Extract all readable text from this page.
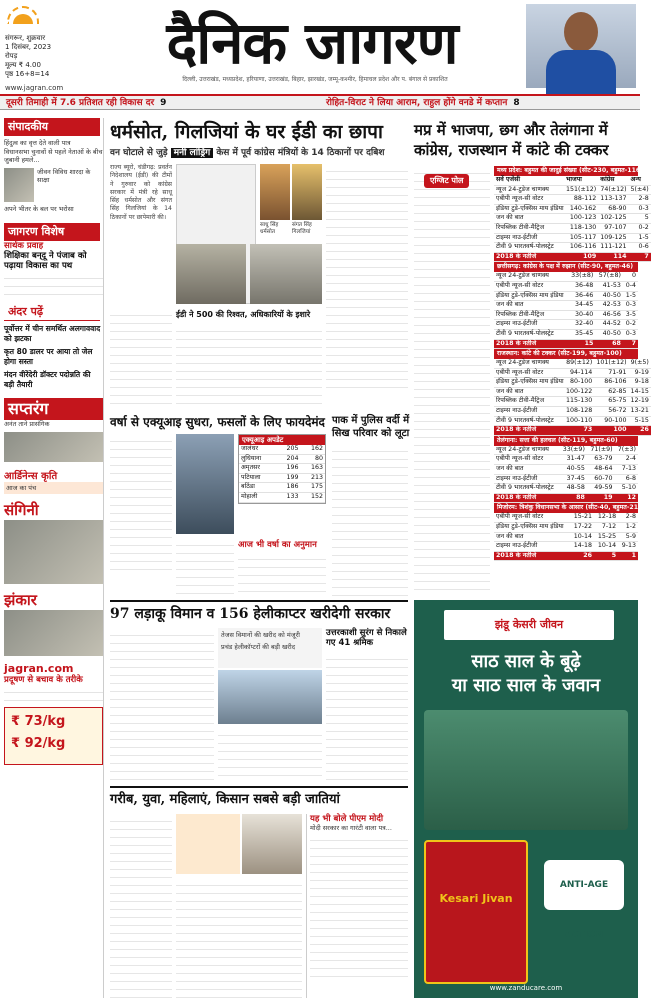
संगरूर, शुक्रवार
1 दिसंबर, 2023
रोपड़
मूल्य ₹ 4.00
पृष्ठ 16+8=14	दैनिक जागरण
दिल्ली, उत्तराखंड, मध्यप्रदेश, हरियाणा, उत्तराखंड, बिहार, झारखंड, जम्मू-कश्मीर, हिमाचल प्रदेश और प. बंगाल से प्रकाशित
www.jagran.com
दूसरी तिमाही में 7.6 प्रतिशत रही विकास दर 9	रोहित-विराट ने लिया आराम, राहुल होंगे वनडे में कप्तान 8
संपादकीय
हिंदुत्व का वृत्त देते वाली पात्र
विधानसभा चुनावों से पहले नेताओं के बीच जुबानी हमले...
जीवन विविध शारदा के साक्षा
अपने भीतर के बल पर भरोसा
जागरण विशेष
सार्थक प्रवाह
शिक्षिका बन्‌दू ने पंजाब को पढ़ाया विकास का पथ
अंदर पढ़ें
पूर्वोत्तर में चीन समर्थित अलगाववाद को झटका
कृत 80 डालर पर आया तो जेल होगा सस्ता
मंदन वीरेंदेरी डॉक्टर पदोन्नति की बड़ी तैयारी
सप्तरंग
अनंत ताने प्रासंगिक
आर्डिनेन्स कृति
आज का पंच
संगिनी
झंकार
jagran.com
प्रदूषण से बचाव के तरीके
₹ 73/kg
₹ 92/kg
धर्मसोत, गिलजियां के घर ईडी का छापा
वन घोटाले से जुड़े मनी लांड्रिंग केस में पूर्व कांग्रेस मंत्रियों के 14 ठिकानों पर दबिश
राज्य ब्यूरो, चंडीगढ़: प्रवर्तन निदेशालय (ईडी) की टीमों ने गुरुवार को कांग्रेस सरकार में मंत्री रहे साधू सिंह धर्मसोत और संगत सिंह गिलजियां के 14 ठिकानों पर छापेमारी की।
साधु सिंह धर्मसोत
संगत सिंह गिलजियां
ईडी ने 500 की रिश्वत, अधिकारियों के इशारे
वर्षा से एक्यूआइ सुधरा, फसलों के लिए फायदेमंद
एक्यूआइ अपडेट
जालंधर	205	162
लुधियाना	204	80
अमृतसर	196	163
पटियाला	199	213
बठिंडा	186	175
मोहाली	133	152
आज भी वर्षा का अनुमान
पाक में पुलिस वर्दी में
सिख परिवार को लूटा
मप्र में भाजपा, छग और तेलंगाना में
कांग्रेस, राजस्थान में कांटे की टक्कर
एग्जिट पोल
मध्य प्रदेश: बहुमत की जादुई संख्या (सीट-230, बहुमत-116)
सर्वे एजेंसी	भाजपा	कांग्रेस	अन्य
न्यूज 24-टुडेज चाणक्य	151(±12)	74(±12)	5(±4)
एबीपी न्यूज-सी वोटर	88-112	113-137	2-8
इंडिया टुडे-एक्सिस माय इंडिया	140-162	68-90	0-3
जन की बात	100-123	102-125	5
रिपब्लिक टीवी-मैट्रिज	118-130	97-107	0-2
टाइम्स नाउ-ईटीजी	105-117	109-125	1-5
टीवी 9 भारतवर्ष-पोलस्ट्रेट	106-116	111-121	0-6
2018 के नतीजे	109	114	7
छत्तीसगढ़: कांग्रेस के पक्ष में रुझान (सीट-90, बहुमत-46)
न्यूज 24-टुडेज चाणक्य	33(±8)	57(±8)	0
एबीपी न्यूज-सी वोटर	36-48	41-53	0-4
इंडिया टुडे-एक्सिस माय इंडिया	36-46	40-50	1-5
जन की बात	34-45	42-53	0-3
रिपब्लिक टीवी-मैट्रिज	30-40	46-56	3-5
टाइम्स नाउ-ईटीजी	32-40	44-52	0-2
टीवी 9 भारतवर्ष-पोलस्ट्रेट	35-45	40-50	0-3
2018 के नतीजे	15	68	7
राजस्थान: कांटे की टक्कर (सीट-199, बहुमत-100)
न्यूज 24-टुडेज चाणक्य	89(±12)	101(±12)	9(±5)
एबीपी न्यूज-सी वोटर	94-114	71-91	9-19
इंडिया टुडे-एक्सिस माय इंडिया	80-100	86-106	9-18
जन की बात	100-122	62-85	14-15
रिपब्लिक टीवी-मैट्रिज	115-130	65-75	12-19
टाइम्स नाउ-ईटीजी	108-128	56-72	13-21
टीवी 9 भारतवर्ष-पोलस्ट्रेट	100-110	90-100	5-15
2018 के नतीजे	73	100	26
तेलंगाना: सत्ता की हलचल (सीट-119, बहुमत-60)
न्यूज 24-टुडेज चाणक्य	33(±9)	71(±9)	7(±3)
एबीपी न्यूज-सी वोटर	31-47	63-79	2-4
जन की बात	40-55	48-64	7-13
टाइम्स नाउ-ईटीजी	37-45	60-70	6-8
टीवी 9 भारतवर्ष-पोलस्ट्रेट	48-58	49-59	5-10
2018 के नतीजे	88	19	12
मिजोरम: त्रिशंकु विधानसभा के आसार (सीट-40, बहुमत-21)
एबीपी न्यूज-सी वोटर	15-21	12-18	2-8
इंडिया टुडे-एक्सिस माय इंडिया	17-22	7-12	1-2
जन की बात	10-14	15-25	5-9
टाइम्स नाउ-ईटीजी	14-18	10-14	9-13
2018 के नतीजे	26	5	1
97 लड़ाकू विमान व 156 हेलीकाप्टर खरीदेगी सरकार
तेजस विमानों की खरीद को मंजूरी
प्रचंड हेलीकॉप्टरों की बड़ी खरीद
उत्तरकाशी सुरंग से निकाले गए 41 श्रमिक
गरीब, युवा, महिलाएं, किसान सबसे बड़ी जातियां
यह भी बोले पीएम मोदी
मोदी सरकार का गारंटी वाला पत्र...
झंडू केसरी जीवन
साठ साल के बूढ़े
या साठ साल के जवान
Kesari Jivan
ANTI-AGE ACTION
www.zanducare.com
